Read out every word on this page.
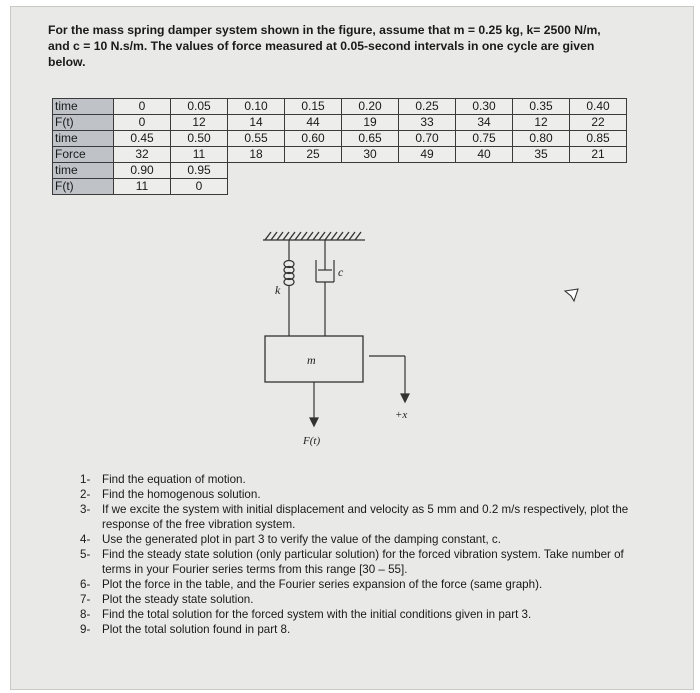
For the mass spring damper system shown in the figure, assume that m = 0.25 kg, k= 2500 N/m, and c = 10 N.s/m. The values of force measured at 0.05-second intervals in one cycle are given below.
time	0	0.05	0.10	0.15	0.20	0.25	0.30	0.35	0.40
F(t)	0	12	14	44	19	33	34	12	22
time	0.45	0.50	0.55	0.60	0.65	0.70	0.75	0.80	0.85
Force	32	11	18	25	30	49	40	35	21
time	0.90	0.95							
F(t)	11	0							
k
c
m
F(t)
+x
1-	Find the equation of motion.
2-	Find the homogenous solution.
3-	If we excite the system with initial displacement and velocity as 5 mm and 0.2 m/s respectively, plot the response of the free vibration system.
4-	Use the generated plot in part 3 to verify the value of the damping constant, c.
5-	Find the steady state solution (only particular solution) for the forced vibration system. Take number of terms in your Fourier series terms from this range [30 – 55].
6-	Plot the force in the table, and the Fourier series expansion of the force (same graph).
7-	Plot the steady state solution.
8-	Find the total solution for the forced system with the initial conditions given in part 3.
9-	Plot the total solution found in part 8.
